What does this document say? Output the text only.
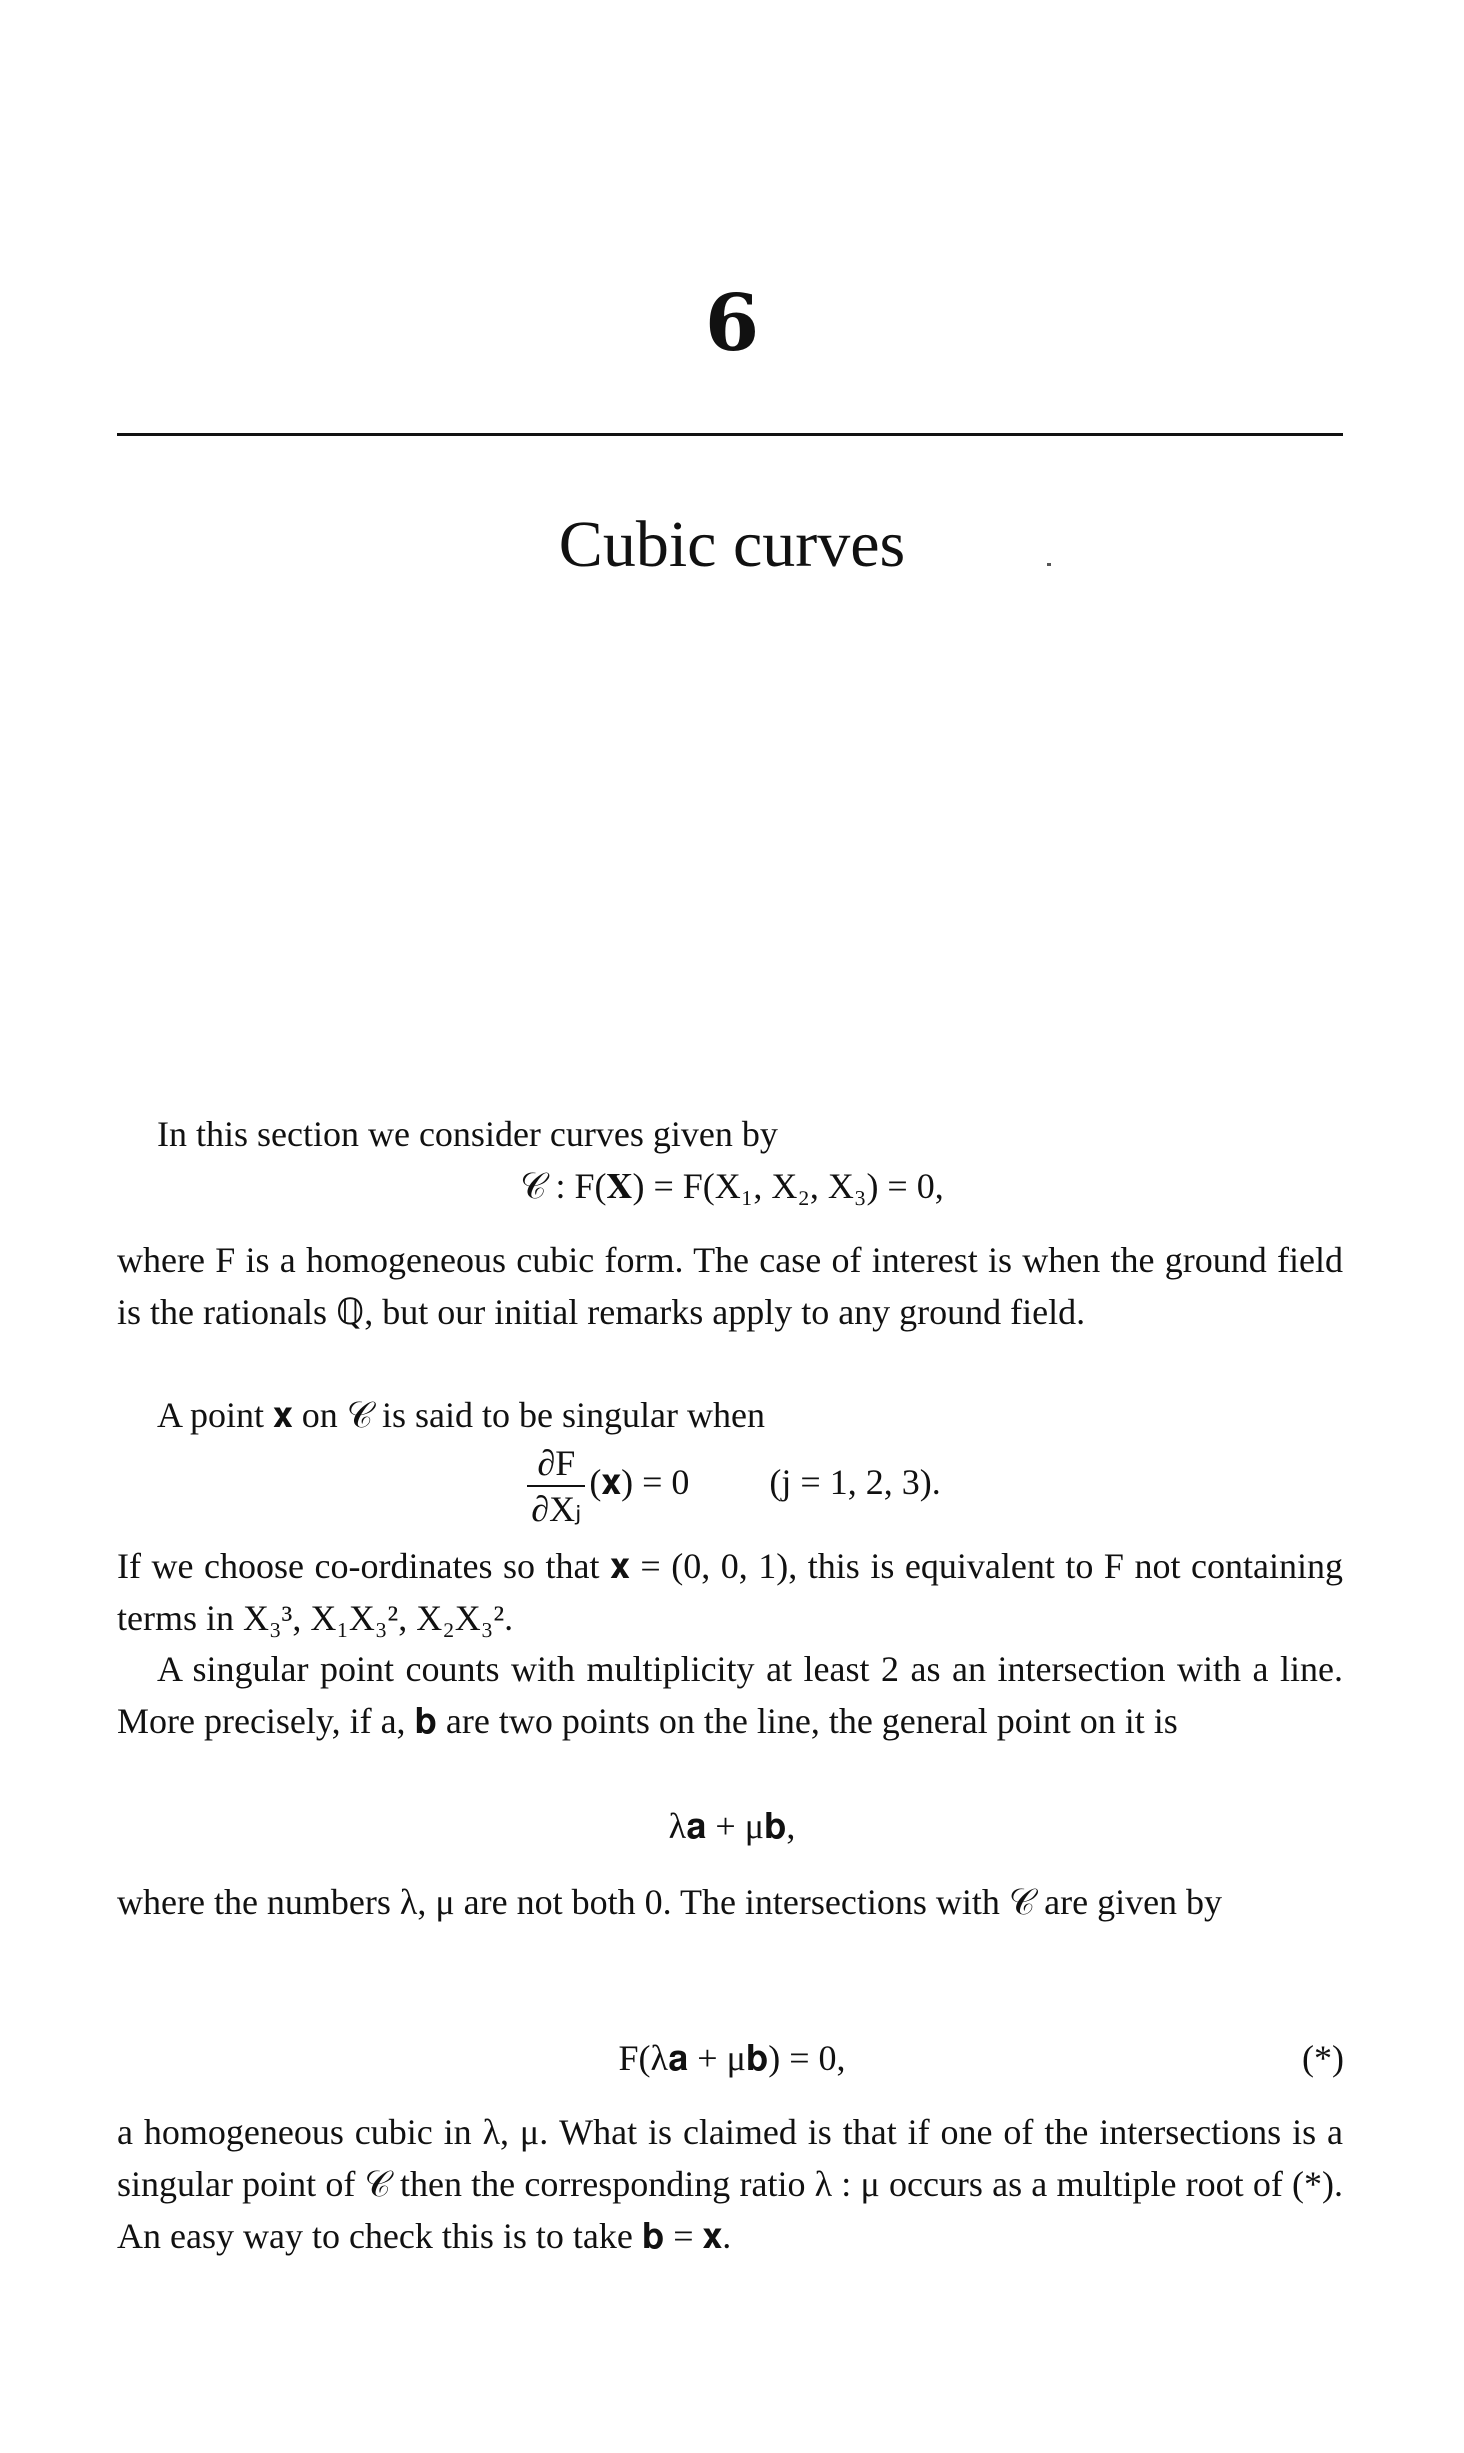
6
Cubic curves
In this section we consider curves given by
𝒞 : F(𝐗) = F(X₁, X₂, X₃) = 0,
where F is a homogeneous cubic form. The case of interest is when the ground field is the rationals ℚ, but our initial remarks apply to any ground field.
A point 𝐱 on 𝒞 is said to be singular when
$\frac{\partial F}{\text{∂Xⱼ}}$ (𝐱) = 0 (j = 1, 2, 3).
If we choose co-ordinates so that 𝐱 = (0, 0, 1), this is equivalent to F not containing terms in X₃³, X₁X₃², X₂X₃².
A singular point counts with multiplicity at least 2 as an intersection with a line. More precisely, if a, 𝐛 are two points on the line, the general point on it is
λ𝐚 + μ𝐛,
where the numbers λ, μ are not both 0. The intersections with 𝒞 are given by
F(λ𝐚 + μ𝐛) = 0,	(*)
a homogeneous cubic in λ, μ. What is claimed is that if one of the intersections is a singular point of 𝒞 then the corresponding ratio λ : μ occurs as a multiple root of (*). An easy way to check this is to take 𝐛 = 𝐱.
